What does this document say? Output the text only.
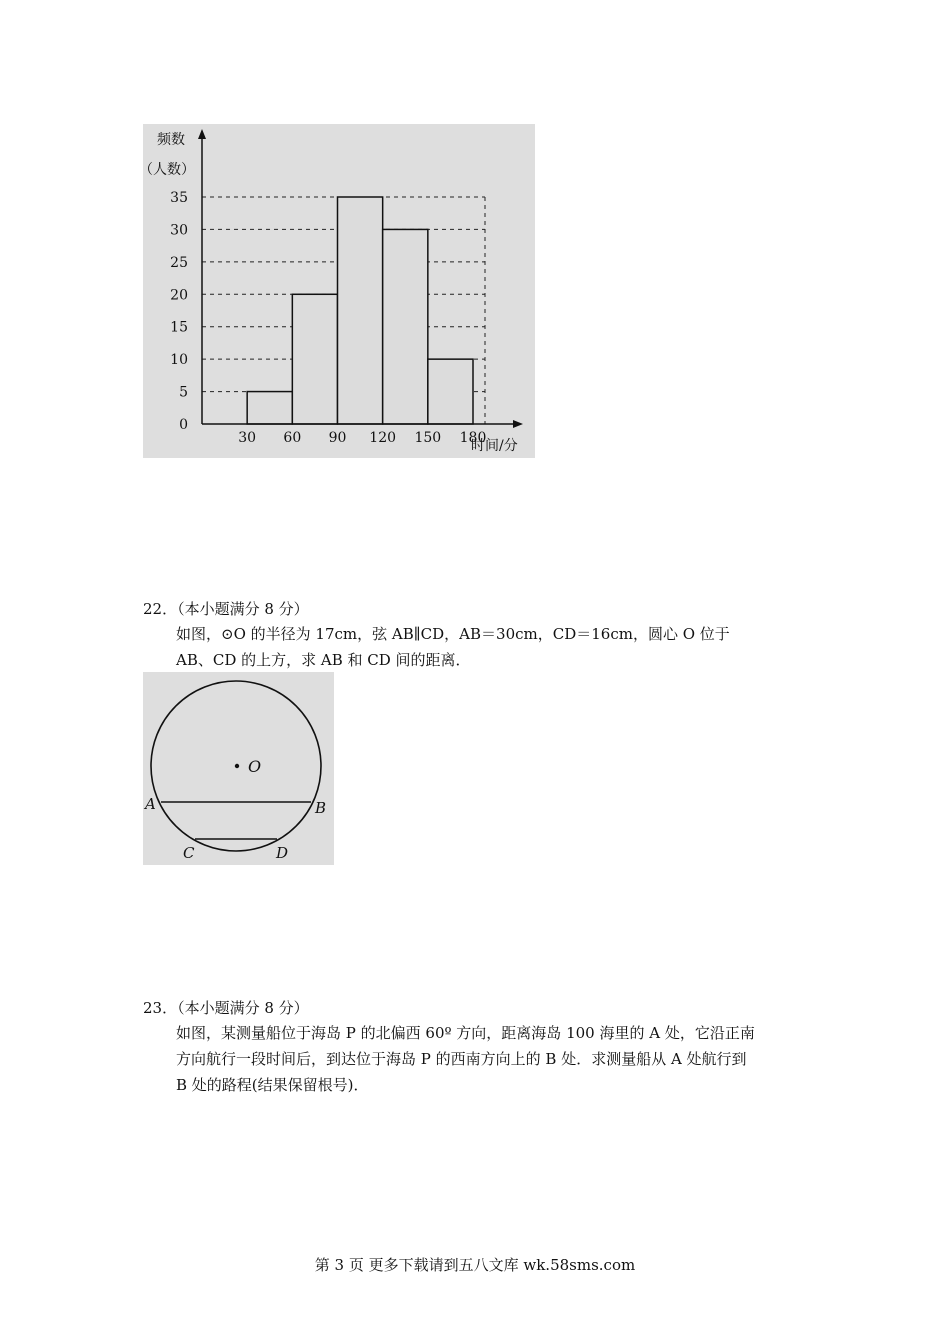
频数
（人数）
时间/分
0
5
10
15
20
25
30
35
30 60 90 120 150 180
22．（本小题满分 8 分）

如图，⊙O 的半径为 17cm，弦 AB∥CD，AB＝30cm，CD＝16cm，圆心 O 位于

AB、CD 的上方，求 AB 和 CD 间的距离．

O
A	B
C	D
23．（本小题满分 8 分）

如图，某测量船位于海岛 P 的北偏西 60º 方向，距离海岛 100 海里的 A 处，它沿正南

方向航行一段时间后，到达位于海岛 P 的西南方向上的 B 处．求测量船从 A 处航行到

B 处的路程(结果保留根号)．

第 3 页 更多下载请到五八文库 wk.58sms.com
